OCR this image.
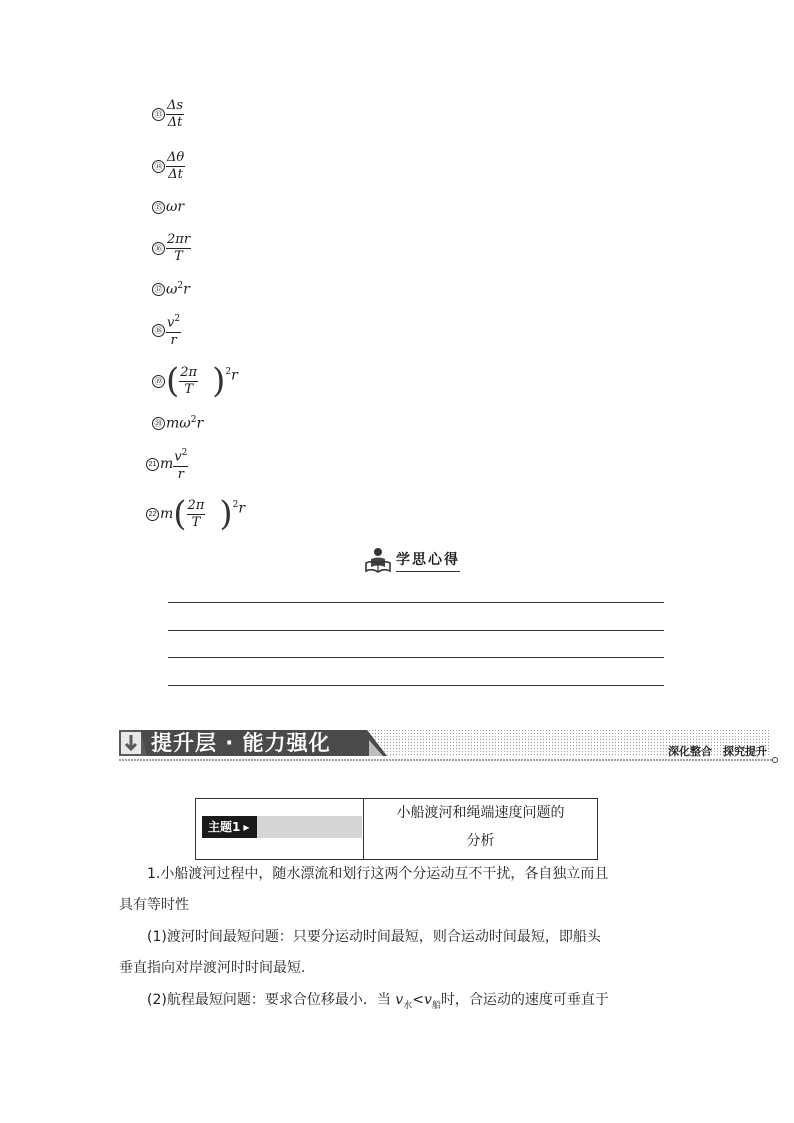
⑬ $\frac{\Delta s}{\Delta t}$
⑭ $\frac{\Delta\theta}{\Delta t}$
⑮ ωr
⑯ $\frac{2\pi r}{T}$
⑰ $\omega^2r$
⑱ $\frac{v^2}{r}$
⑲ ( $\frac{2\pi}{T}$ ) $^2$r
⑳ $m\omega^2r$
21 m $\frac{v^2}{r}$
22 m ( $\frac{2\pi}{T}$ ) $^2$r
学思心得
提升层 · 能力强化	深化整合　探究提升
主题1 ▸
小船渡河和绳端速度问题的
分析
1.小船渡河过程中，随水漂流和划行这两个分运动互不干扰，各自独立而且
具有等时性
(1)渡河时间最短问题：只要分运动时间最短，则合运动时间最短，即船头
垂直指向对岸渡河时时间最短.
(2)航程最短问题：要求合位移最小．当 $v_水<v_船$时，合运动的速度可垂直于
